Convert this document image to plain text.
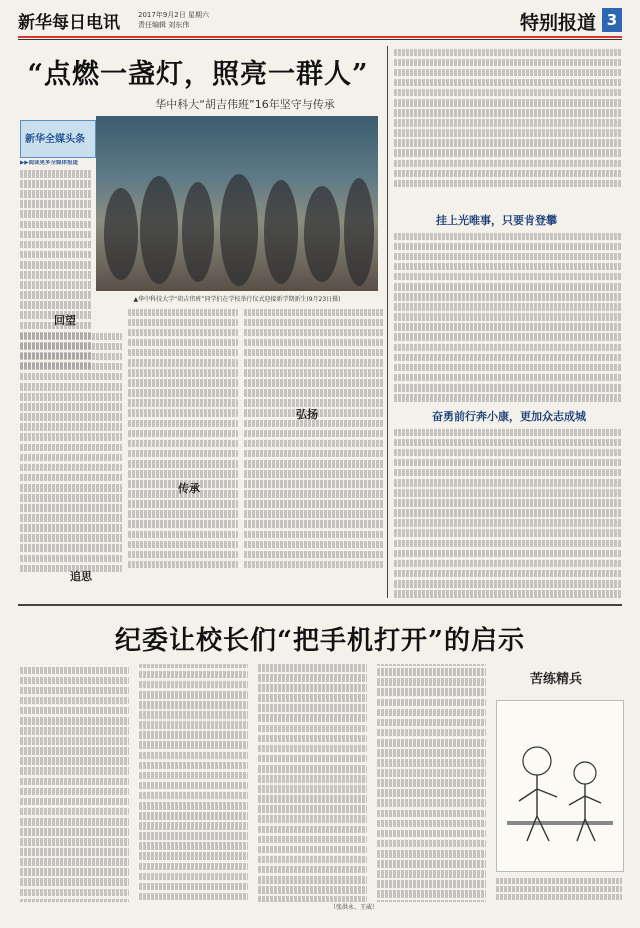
新华每日电讯	2017年9月2日 星期六
责任编辑 刘东伟	特别报道 3
“点燃一盏灯，照亮一群人”
华中科大“胡吉伟班”16年坚守与传承
新华全媒头条
▲华中科技大学“胡吉伟班”同学们在学校举行仪式迎接新学期新生(9月23日摄)
▶▶阅读更多全媒体报道
回望
传承
追思
弘扬
挂上光唯事，只要肯登攀
奋勇前行奔小康，更加众志成城
纪委让校长们“把手机打开”的启示
苦练精兵
（张洪永、王威）
